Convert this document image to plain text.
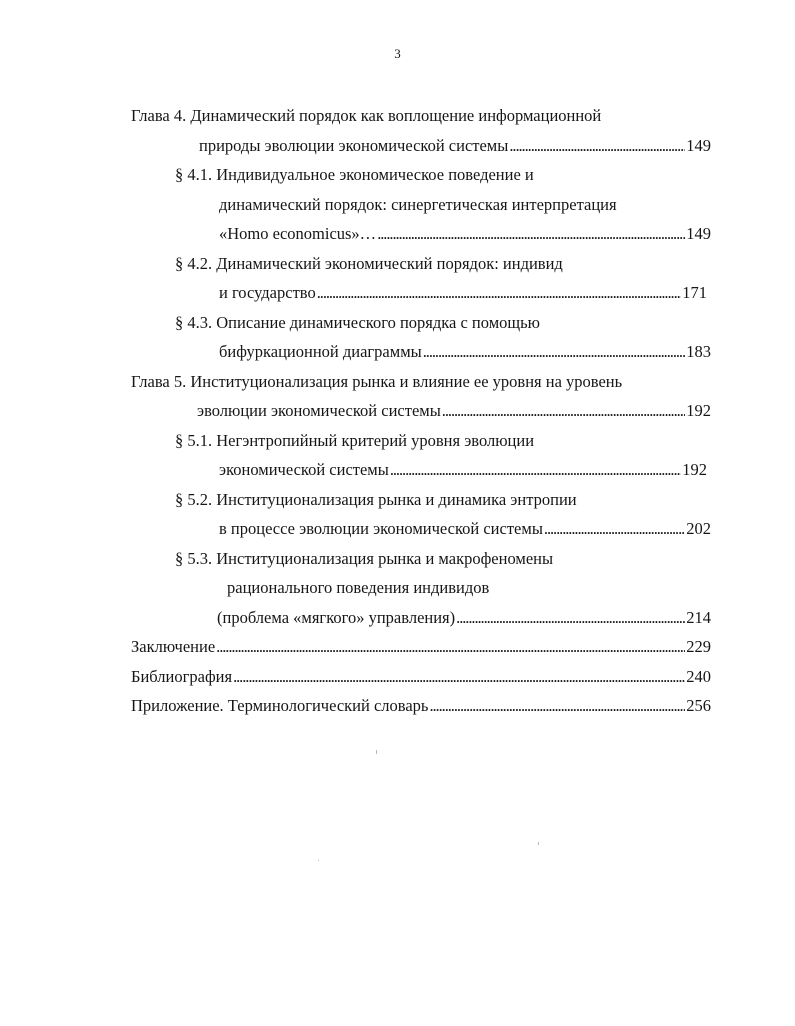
3
Глава 4. Динамический порядок как воплощение информационной
природы эволюции экономической системы . . .	149
§ 4.1. Индивидуальное экономическое поведение и
динамический порядок: синергетическая интерпретация
«Homo economicus»… . . .	149
§ 4.2. Динамический экономический порядок: индивид
и государство . . .	171
§ 4.3. Описание динамического порядка с помощью
бифуркационной диаграммы . . .	183
Глава 5. Институционализация рынка и влияние ее уровня на уровень
эволюции экономической системы . . .	192
§ 5.1. Негэнтропийный критерий уровня эволюции
экономической системы . . .	192
§ 5.2. Институционализация рынка и динамика энтропии
в процессе эволюции экономической системы . . .	202
§ 5.3. Институционализация рынка и макрофеномены
рационального поведения индивидов
(проблема «мягкого» управления) . . .	214
Заключение . . .	229
Библиография . . .	240
Приложение. Терминологический словарь . . .	256
